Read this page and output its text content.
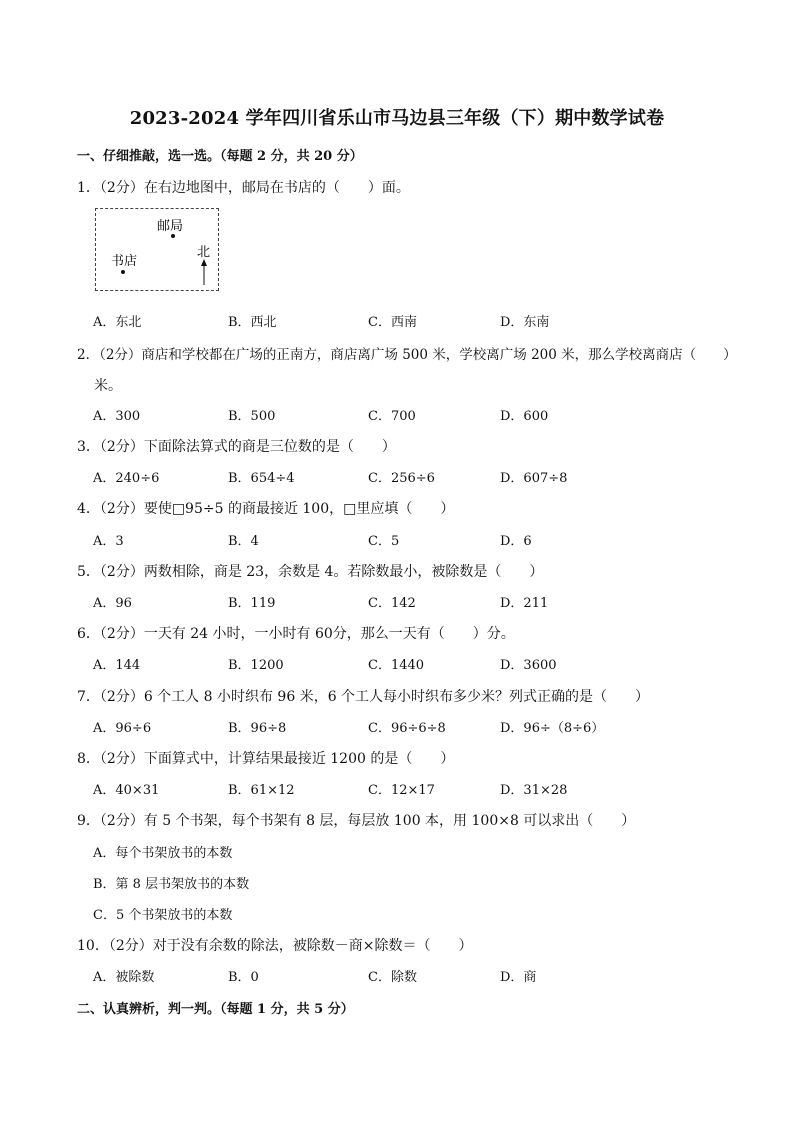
2023-2024 学年四川省乐山市马边县三年级（下）期中数学试卷
一、仔细推敲，选一选。（每题 2 分，共 20 分）
1．（2分）在右边地图中，邮局在书店的（　　）面。
邮局
书店
北
A．东北	B．西北	C．西南	D．东南
2．（2分）商店和学校都在广场的正南方，商店离广场 500 米，学校离广场 200 米，那么学校离商店（　　）
米。
A．300	B．500	C．700	D．600
3．（2分）下面除法算式的商是三位数的是（　　）
A．240÷6	B．654÷4	C．256÷6	D．607÷8
4．（2分）要使□95÷5 的商最接近 100，□里应填（　　）
A．3	B．4	C．5	D．6
5．（2分）两数相除，商是 23，余数是 4。若除数最小，被除数是（　　）
A．96	B．119	C．142	D．211
6．（2分）一天有 24 小时，一小时有 60分，那么一天有（　　）分。
A．144	B．1200	C．1440	D．3600
7．（2分）6 个工人 8 小时织布 96 米，6 个工人每小时织布多少米？列式正确的是（　　）
A．96÷6	B．96÷8	C．96÷6÷8	D．96÷（8÷6）
8．（2分）下面算式中，计算结果最接近 1200 的是（　　）
A．40×31	B．61×12	C．12×17	D．31×28
9．（2分）有 5 个书架，每个书架有 8 层，每层放 100 本，用 100×8 可以求出（　　）
A．每个书架放书的本数
B．第 8 层书架放书的本数
C．5 个书架放书的本数
10．（2分）对于没有余数的除法，被除数－商×除数＝（　　）
A．被除数	B．0	C．除数	D．商
二、认真辨析，判一判。（每题 1 分，共 5 分）
